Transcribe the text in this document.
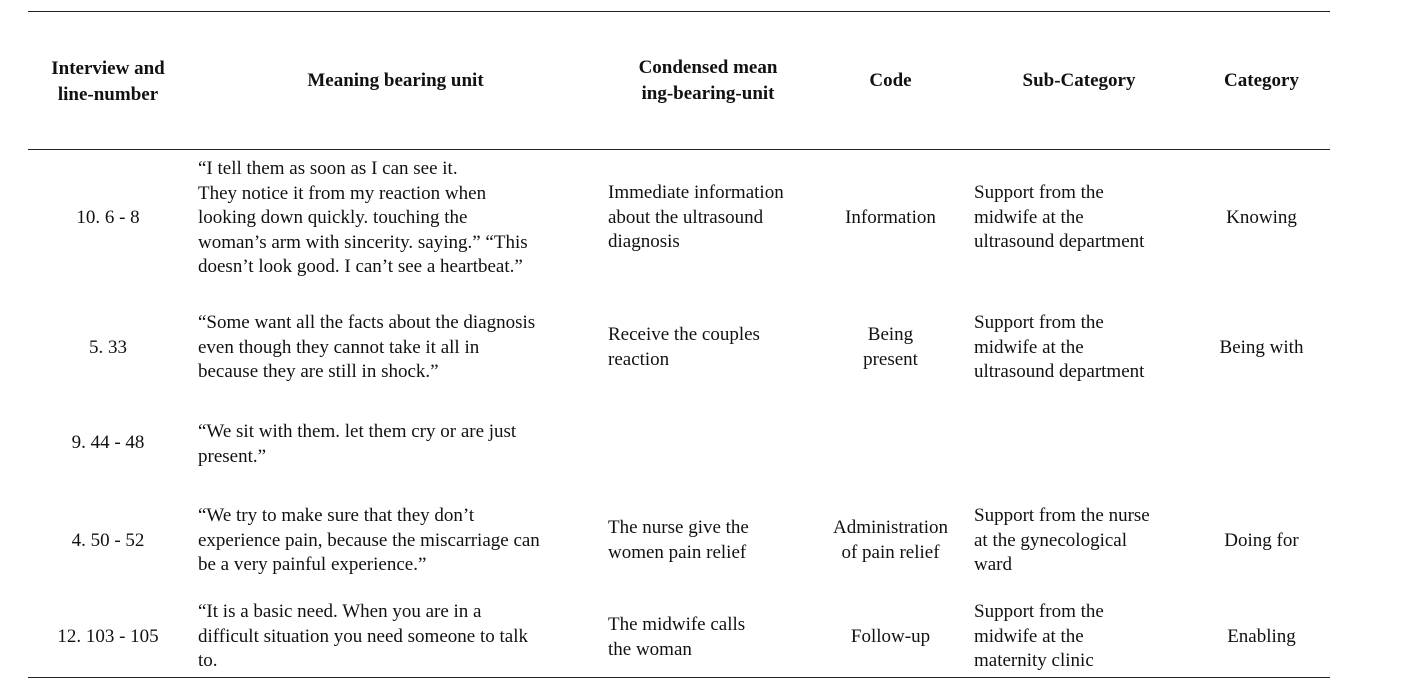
Interview and
line-number
Meaning bearing unit
Condensed mean
ing-bearing-unit
Code	Sub-Category	Category
10. 6 - 8
“I tell them as soon as I can see it.
They notice it from my reaction when
looking down quickly. touching the
woman’s arm with sincerity. saying.” “This
doesn’t look good. I can’t see a heartbeat.”
Immediate information
about the ultrasound
diagnosis
Information
Support from the
midwife at the
ultrasound department
Knowing
5. 33
“Some want all the facts about the diagnosis
even though they cannot take it all in
because they are still in shock.”
Receive the couples
reaction
Being
present
Support from the
midwife at the
ultrasound department
Being with
9. 44 - 48
“We sit with them. let them cry or are just
present.”
4. 50 - 52
“We try to make sure that they don’t
experience pain, because the miscarriage can
be a very painful experience.”
The nurse give the
women pain relief
Administration
of pain relief
Support from the nurse
at the gynecological
ward
Doing for
12. 103 - 105
“It is a basic need. When you are in a
difficult situation you need someone to talk
to.
The midwife calls
the woman
Follow-up
Support from the
midwife at the
maternity clinic
Enabling
